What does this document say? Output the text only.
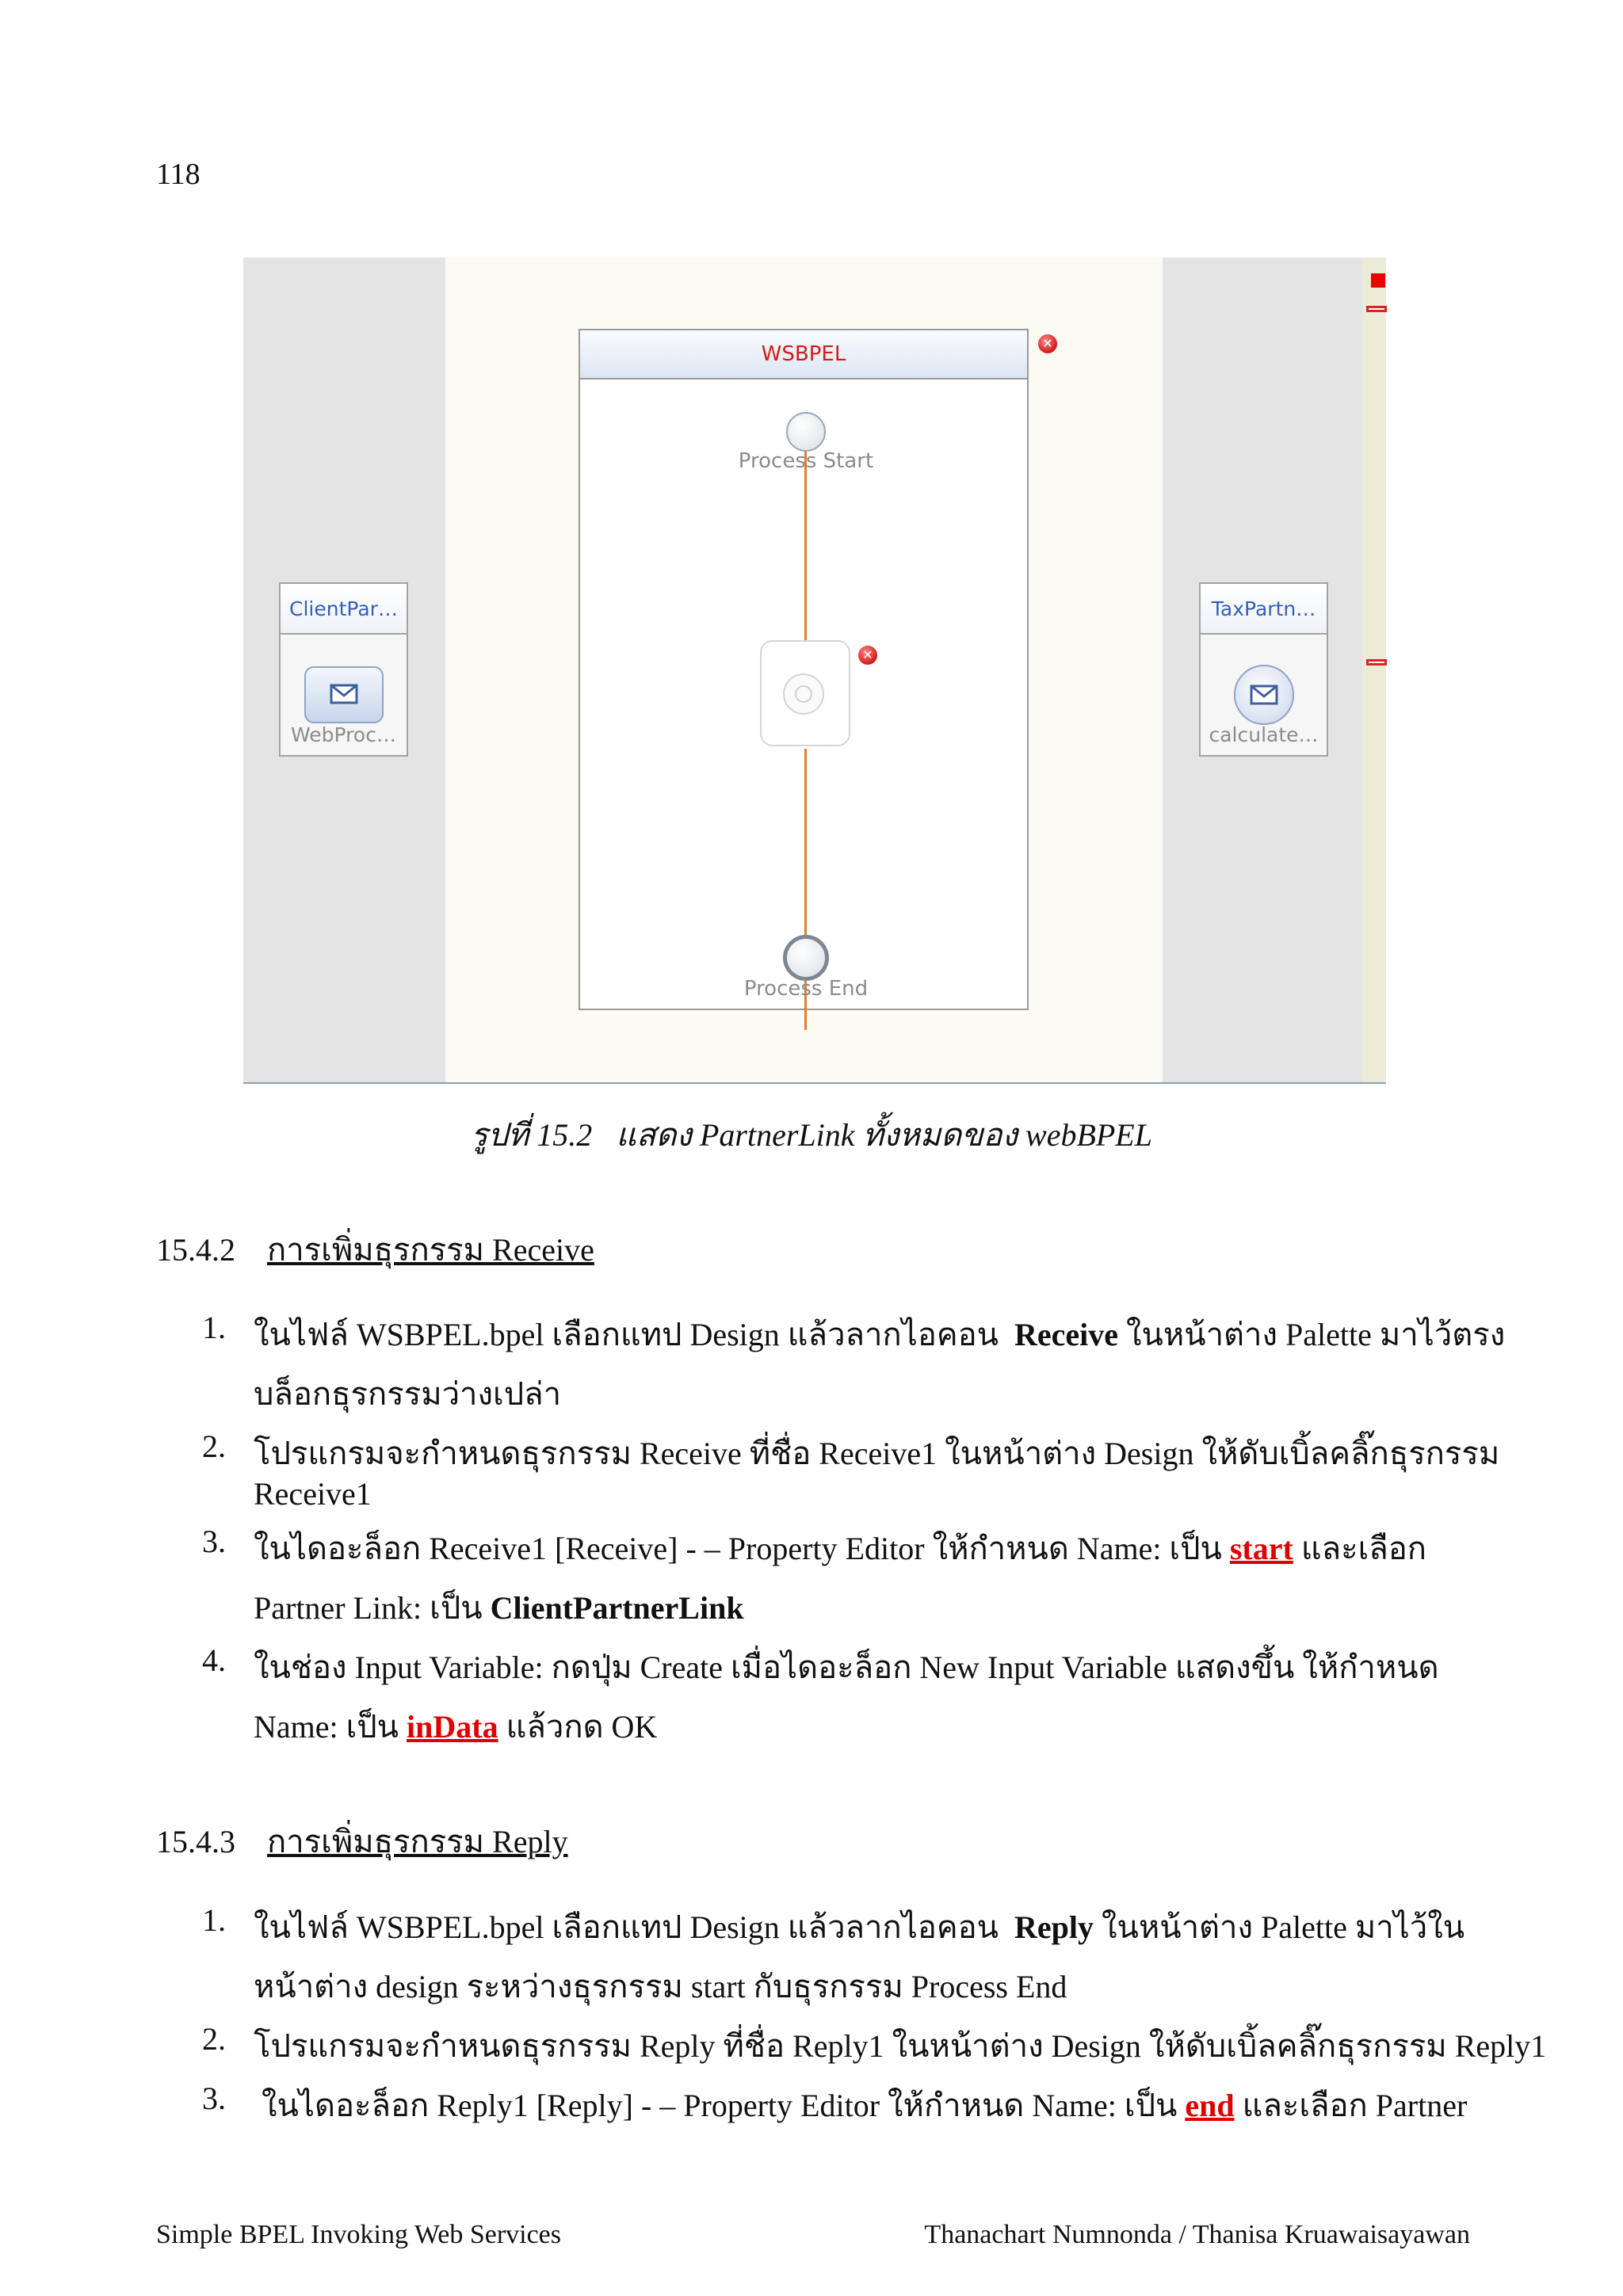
118
WSBPEL	✕
Process Start
✕
Process End
ClientPar…
WebProc…
TaxPartn…
calculate…
รูปที่ 15.2 แสดง PartnerLink ทั้งหมดของ webBPEL
15.4.2 การเพิ่มธุรกรรม Receive
1. ในไฟล์ WSBPEL.bpel เลือกแทป Design แล้วลากไอคอน Receive ในหน้าต่าง Palette มาไว้ตรง
บล็อกธุรกรรมว่างเปล่า
2. โปรแกรมจะกำหนดธุรกรรม Receive ที่ชื่อ Receive1 ในหน้าต่าง Design ให้ดับเบิ้ลคลิ๊กธุรกรรม
Receive1
3. ในไดอะล็อก Receive1 [Receive] - – Property Editor ให้กำหนด Name: เป็น start และเลือก
Partner Link: เป็น ClientPartnerLink
4. ในช่อง Input Variable: กดปุ่ม Create เมื่อไดอะล็อก New Input Variable แสดงขึ้น ให้กำหนด
Name: เป็น inData แล้วกด OK
15.4.3 การเพิ่มธุรกรรม Reply
1. ในไฟล์ WSBPEL.bpel เลือกแทป Design แล้วลากไอคอน Reply ในหน้าต่าง Palette มาไว้ใน
หน้าต่าง design ระหว่างธุรกรรม start กับธุรกรรม Process End
2. โปรแกรมจะกำหนดธุรกรรม Reply ที่ชื่อ Reply1 ในหน้าต่าง Design ให้ดับเบิ้ลคลิ๊กธุรกรรม Reply1
3. ในไดอะล็อก Reply1 [Reply] - – Property Editor ให้กำหนด Name: เป็น end และเลือก Partner
Simple BPEL Invoking Web Services	Thanachart Numnonda / Thanisa Kruawaisayawan
